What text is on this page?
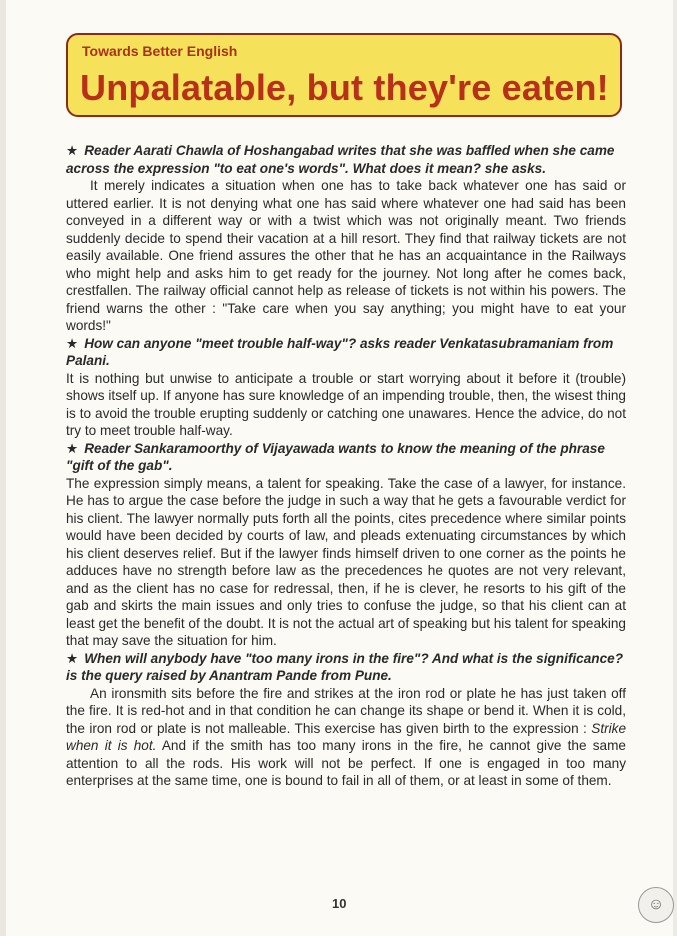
Towards Better English
Unpalatable, but they're eaten!

★ Reader Aarati Chawla of Hoshangabad writes that she was baffled when she came across the expression "to eat one's words". What does it mean? she asks.

It merely indicates a situation when one has to take back whatever one has said or uttered earlier. It is not denying what one has said where whatever one had said has been conveyed in a different way or with a twist which was not originally meant. Two friends suddenly decide to spend their vacation at a hill resort. They find that railway tickets are not easily available. One friend assures the other that he has an acquaintance in the Railways who might help and asks him to get ready for the journey. Not long after he comes back, crestfallen. The railway official cannot help as release of tickets is not within his powers. The friend warns the other : "Take care when you say anything; you might have to eat your words!"

★ How can anyone "meet trouble half-way"? asks reader Venkatasubramaniam from Palani.

It is nothing but unwise to anticipate a trouble or start worrying about it before it (trouble) shows itself up. If anyone has sure knowledge of an impending trouble, then, the wisest thing is to avoid the trouble erupting suddenly or catching one unawares. Hence the advice, do not try to meet trouble half-way.

★ Reader Sankaramoorthy of Vijayawada wants to know the meaning of the phrase "gift of the gab".

The expression simply means, a talent for speaking. Take the case of a lawyer, for instance. He has to argue the case before the judge in such a way that he gets a favourable verdict for his client. The lawyer normally puts forth all the points, cites precedence where similar points would have been decided by courts of law, and pleads extenuating circumstances by which his client deserves relief. But if the lawyer finds himself driven to one corner as the points he adduces have no strength before law as the precedences he quotes are not very relevant, and as the client has no case for redressal, then, if he is clever, he resorts to his gift of the gab and skirts the main issues and only tries to confuse the judge, so that his client can at least get the benefit of the doubt. It is not the actual art of speaking but his talent for speaking that may save the situation for him.

★ When will anybody have "too many irons in the fire"? And what is the significance? is the query raised by Anantram Pande from Pune.

An ironsmith sits before the fire and strikes at the iron rod or plate he has just taken off the fire. It is red-hot and in that condition he can change its shape or bend it. When it is cold, the iron rod or plate is not malleable. This exercise has given birth to the expression : Strike when it is hot. And if the smith has too many irons in the fire, he cannot give the same attention to all the rods. His work will not be perfect. If one is engaged in too many enterprises at the same time, one is bound to fail in all of them, or at least in some of them.

10	☺
